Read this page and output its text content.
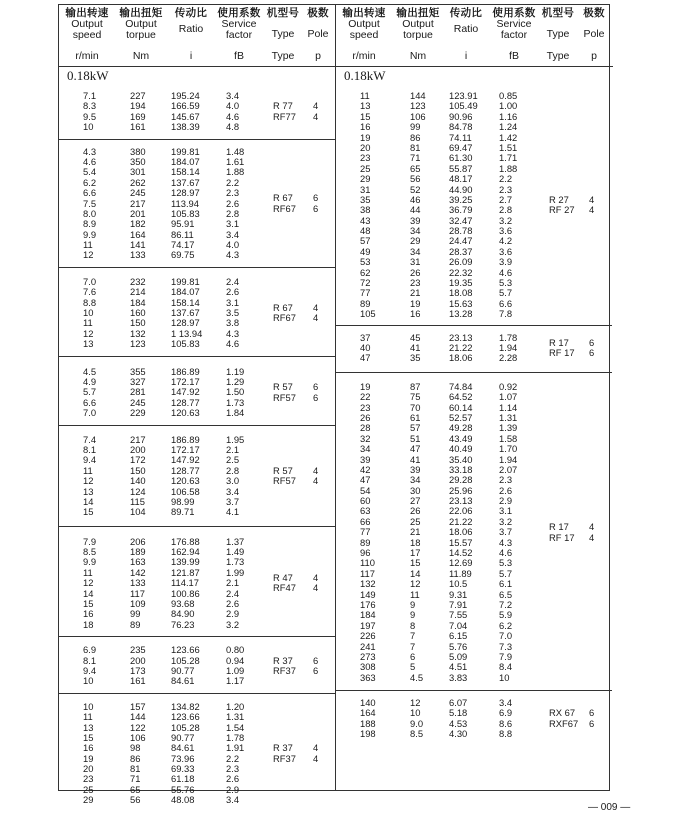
输出转速
Output
speed
输出扭矩
Output
torpue
传动比
Ratio
使用系数
Service
factor
机型号
Type
极数
Pole
r/min	Nm	i	fB	Type	p
0.18kW
7.1	227	195.24	3.4
8.3	194	166.59	4.0
9.5	169	145.67	4.6
10	161	138.39	4.8
R 77 4
RF77 4
4.3	380	199.81	1.48
4.6	350	184.07	1.61
5.4	301	158.14	1.88
6.2	262	137.67	2.2
6.6	245	128.97	2.3
7.5	217	113.94	2.6
8.0	201	105.83	2.8
8.9	182	95.91	3.1
9.9	164	86.11	3.4
11	141	74.17	4.0
12	133	69.75	4.3
R 67 6
RF67 6
7.0	232	199.81	2.4
7.6	214	184.07	2.6
8.8	184	158.14	3.1
10	160	137.67	3.5
11	150	128.97	3.8
12	132	1 13.94	4.3
13	123	105.83	4.6
R 67 4
RF67 4
4.5	355	186.89	1.19
4.9	327	172.17	1.29
5.7	281	147.92	1.50
6.6	245	128.77	1.73
7.0	229	120.63	1.84
R 57 6
RF57 6
7.4	217	186.89	1.95
8.1	200	172.17	2.1
9.4	172	147.92	2.5
11	150	128.77	2.8
12	140	120.63	3.0
13	124	106.58	3.4
14	115	98.99	3.7
15	104	89.71	4.1
R 57 4
RF57 4
7.9	206	176.88	1.37
8.5	189	162.94	1.49
9.9	163	139.99	1.73
11	142	121.87	1.99
12	133	114.17	2.1
14	117	100.86	2.4
15	109	93.68	2.6
16	99	84.90	2.9
18	89	76.23	3.2
R 47 4
RF47 4
6.9	235	123.66	0.80
8.1	200	105.28	0.94
9.4	173	90.77	1.09
10	161	84.61	1.17
R 37 6
RF37 6
10	157	134.82	1.20
11	144	123.66	1.31
13	122	105.28	1.54
15	106	90.77	1.78
16	98	84.61	1.91
19	86	73.96	2.2
20	81	69.33	2.3
23	71	61.18	2.6
25	65	55.76	2.9
29	56	48.08	3.4
R 37 4
RF37 4
输出转速
Output
speed
输出扭矩
Output
torpue
传动比
Ratio
使用系数
Service
factor
机型号
Type
极数
Pole
r/min	Nm	i	fB	Type	p
0.18kW
11	144 123.91 0.85
13	123 105.49 1.00
15	106 90.96	1.16
16	99	84.78	1.24
19	86	74.11	1.42
20	81	69.47	1.51
23	71	61.30	1.71
25	65	55.87	1.88
29	56	48.17	2.2
31	52	44.90	2.3
35	46	39.25	2.7
38	44	36.79	2.8
43	39	32.47	3.2
48	34	28.78	3.6
57	29	24.47	4.2
49	34	28.37	3.6
53	31	26.09	3.9
62	26	22.32	4.6
72	23	19.35	5.3
77	21	18.08	5.7
89	19	15.63	6.6
105	16	13.28	7.8
R 27 4
RF 27 4
37	45	23.13	1.78
40	41	21.22	1.94
47	35	18.06	2.28
R 17 6
RF 17 6
19	87	74.84	0.92
22	75	64.52	1.07
23	70	60.14	1.14
26	61	52.57	1.31
28	57	49.28	1.39
32	51	43.49	1.58
34	47	40.49	1.70
39	41	35.40	1.94
42	39	33.18	2.07
47	34	29.28	2.3
54	30	25.96	2.6
60	27	23.13	2.9
63	26	22.06	3.1
66	25	21.22	3.2
77	21	18.06	3.7
89	18	15.57	4.3
96	17	14.52	4.6
110	15	12.69	5.3
117	14	11.89	5.7
132	12	10.5	6.1
149	11	9.31	6.5
176	9	7.91	7.2
184	9	7.55	5.9
197	8	7.04	6.2
226	7	6.15	7.0
241	7	5.76	7.3
273	6	5.09	7.9
308	5	4.51	8.4
363	4.5	3.83	10
R 17 4
RF 17 4
140	12	6.07	3.4
164	10	5.18	6.9
188	9.0	4.53	8.6
198	8.5	4.30	8.8
RX 67 6
RXF67 6
— 009 —
